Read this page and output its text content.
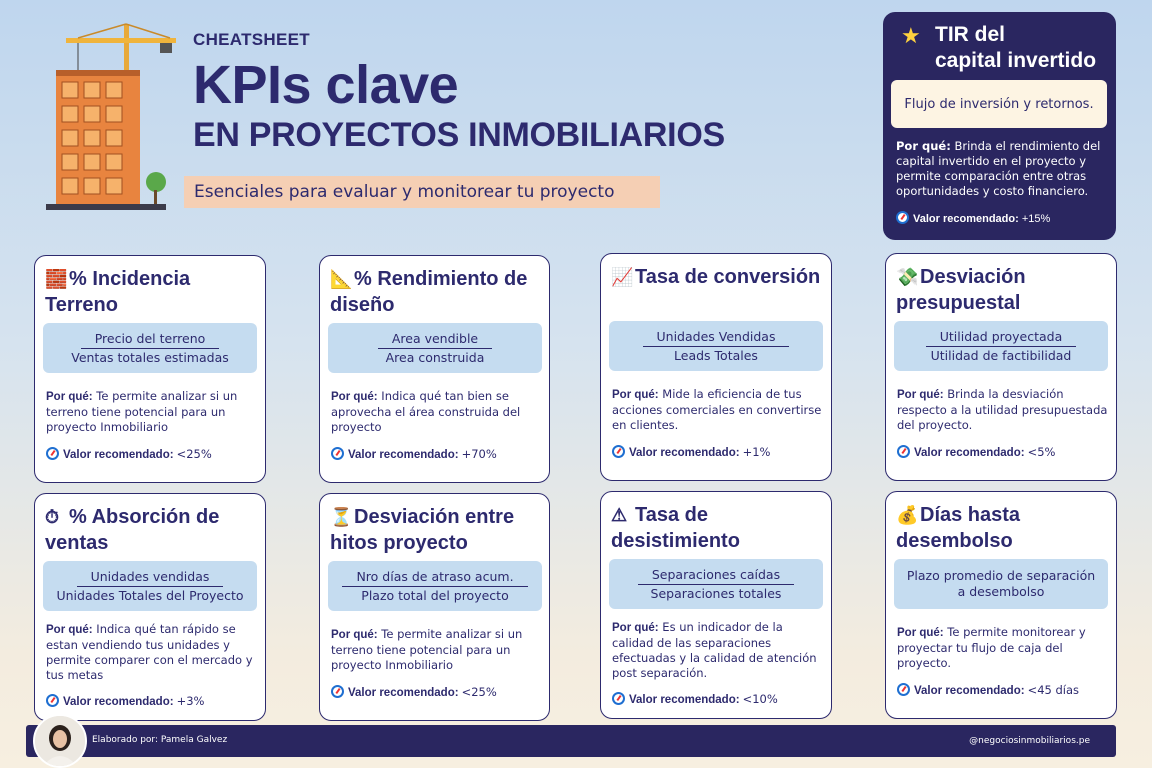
CHEATSHEET
KPIs clave
EN PROYECTOS INMOBILIARIOS
Esenciales para evaluar y monitorear tu proyecto
★ TIR del
capital invertido
Flujo de inversión y retornos.
Por qué: Brinda el rendimiento del capital invertido en el proyecto y permite comparación entre otras oportunidades y costo financiero.
Valor recomendado: +15%
🧱% Incidencia Terreno
Precio del terreno
Ventas totales estimadas
Por qué: Te permite analizar si un terreno tiene potencial para un proyecto Inmobiliario
Valor recomendado: <25%
📐% Rendimiento de diseño
Area vendible
Area construida
Por qué: Indica qué tan bien se aprovecha el área construida del proyecto
Valor recomendado: +70%
📈Tasa de conversión
Unidades Vendidas
Leads Totales
Por qué: Mide la eficiencia de tus acciones comerciales en convertirse en clientes.
Valor recomendado: +1%
💸Desviación presupuestal
Utilidad proyectada
Utilidad de factibilidad
Por qué: Brinda la desviación respecto a la utilidad presupuestada del proyecto.
Valor recomendado: <5%
⏱ % Absorción de ventas
Unidades vendidas
Unidades Totales del Proyecto
Por qué: Indica qué tan rápido se estan vendiendo tus unidades y permite comparer con el mercado y tus metas
Valor recomendado: +3%
⏳Desviación entre hitos proyecto
Nro días de atraso acum.
Plazo total del proyecto
Por qué: Te permite analizar si un terreno tiene potencial para un proyecto Inmobiliario
Valor recomendado: <25%
⚠ Tasa de desistimiento
Separaciones caídas
Separaciones totales
Por qué: Es un indicador de la calidad de las separaciones efectuadas y la calidad de atención post separación.
Valor recomendado: <10%
💰Días hasta desembolso
Plazo promedio de separación a desembolso
Por qué: Te permite monitorear y proyectar tu flujo de caja del proyecto.
Valor recomendado: <45 días
Elaborado por: Pamela Galvez	@negociosinmobiliarios.pe
